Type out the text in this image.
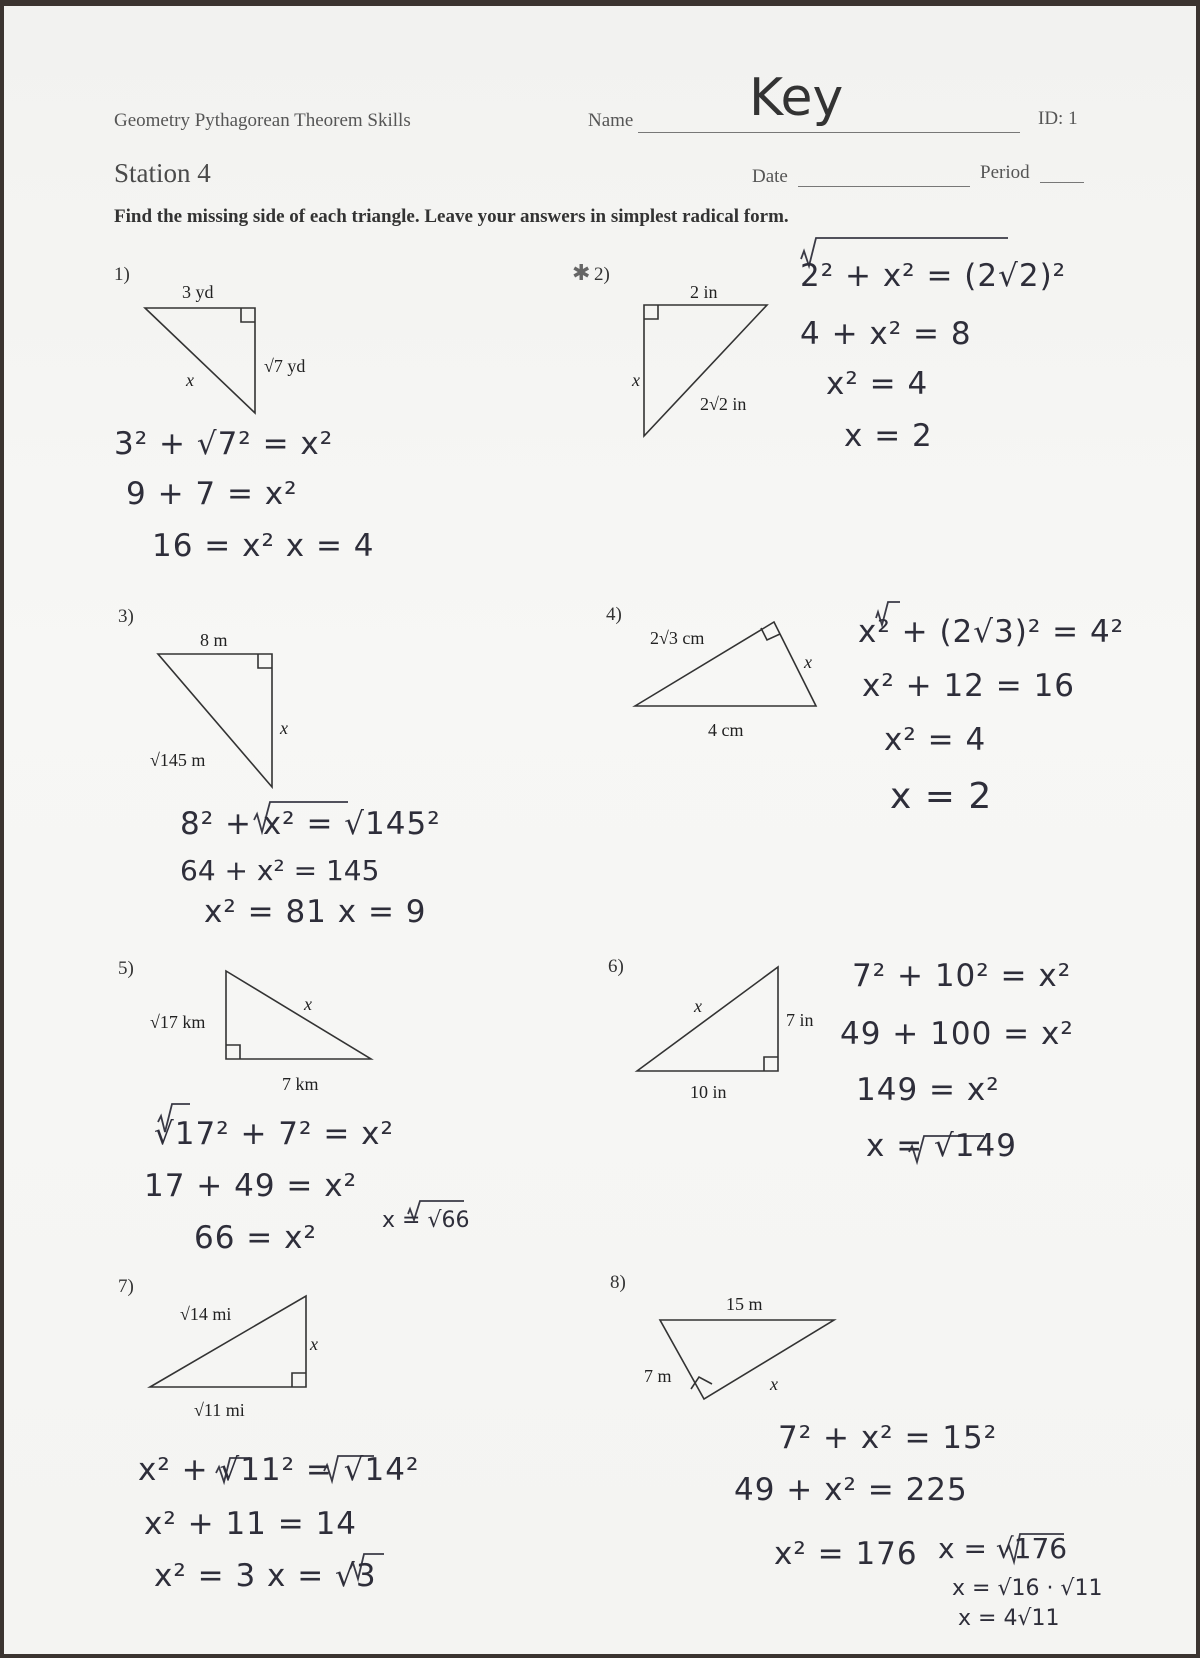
Geometry Pythagorean Theorem Skills	Name Key	ID: 1
Station 4	Date	Period
Find the missing side of each triangle. Leave your answers in simplest radical form.
1)
3 yd
√7 yd
x
3² + √7² = x²
9 + 7 = x²
16 = x² x = 4
✱ 2)
2 in
x
2√2 in
2² + x² = (2√2)²
4 + x² = 8
x² = 4
x = 2
3)
8 m
x
√145 m
8² + x² = √145²
64 + x² = 145
x² = 81 x = 9
4)
2√3 cm
x
4 cm
x² + (2√3)² = 4²
x² + 12 = 16
x² = 4
x = 2
5)
√17 km
x
7 km
√17² + 7² = x²
17 + 49 = x²
66 = x²	x = √66
6)
x
7 in
10 in
7² + 10² = x²
49 + 100 = x²
149 = x²
x = √149
7)
√14 mi
x
√11 mi
x² + √11² = √14²
x² + 11 = 14
x² = 3 x = √3
8)
15 m
7 m	x
7² + x² = 15²
49 + x² = 225
x² = 176 x = √176
x = √16 · √11
x = 4√11
